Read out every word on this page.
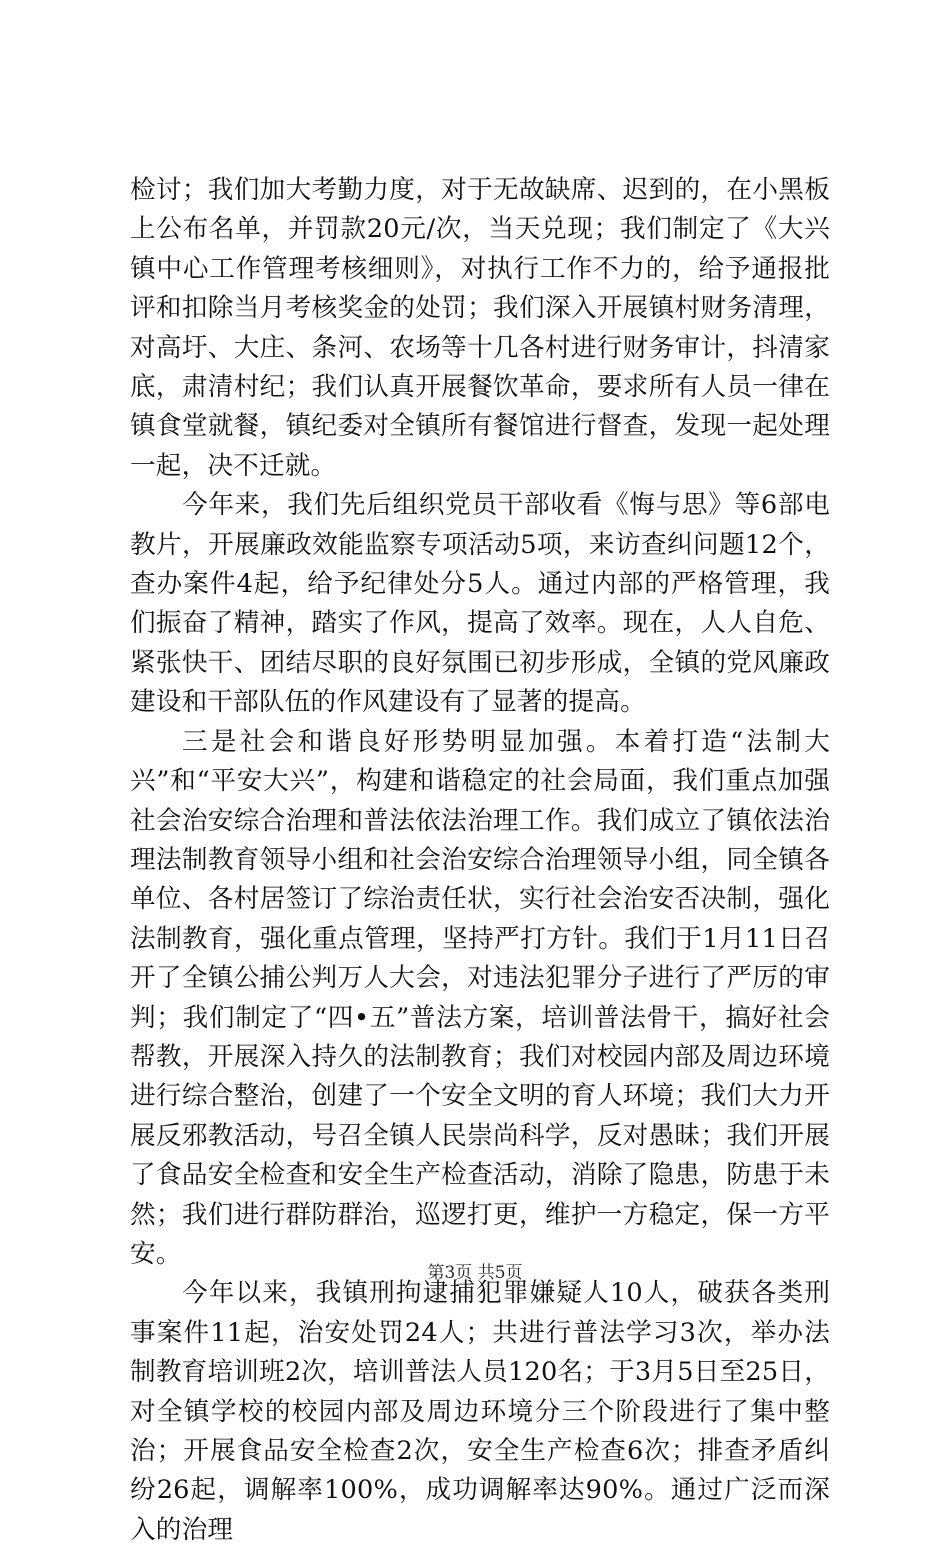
检讨；我们加大考勤力度，对于无故缺席、迟到的，在小黑板上公布名单，并罚款20元/次，当天兑现；我们制定了《大兴镇中心工作管理考核细则》，对执行工作不力的，给予通报批评和扣除当月考核奖金的处罚；我们深入开展镇村财务清理，对高圩、大庄、条河、农场等十几各村进行财务审计，抖清家底，肃清村纪；我们认真开展餐饮革命，要求所有人员一律在镇食堂就餐，镇纪委对全镇所有餐馆进行督查，发现一起处理一起，决不迁就。

今年来，我们先后组织党员干部收看《悔与思》等6部电教片，开展廉政效能监察专项活动5项，来访查纠问题12个，查办案件4起，给予纪律处分5人。通过内部的严格管理，我们振奋了精神，踏实了作风，提高了效率。现在，人人自危、紧张快干、团结尽职的良好氛围已初步形成，全镇的党风廉政建设和干部队伍的作风建设有了显著的提高。

三是社会和谐良好形势明显加强。本着打造“法制大兴”和“平安大兴”，构建和谐稳定的社会局面，我们重点加强社会治安综合治理和普法依法治理工作。我们成立了镇依法治理法制教育领导小组和社会治安综合治理领导小组，同全镇各单位、各村居签订了综治责任状，实行社会治安否决制，强化法制教育，强化重点管理，坚持严打方针。我们于1月11日召开了全镇公捕公判万人大会，对违法犯罪分子进行了严厉的审判；我们制定了“四•五”普法方案，培训普法骨干，搞好社会帮教，开展深入持久的法制教育；我们对校园内部及周边环境进行综合整治，创建了一个安全文明的育人环境；我们大力开展反邪教活动，号召全镇人民崇尚科学，反对愚昧；我们开展了食品安全检查和安全生产检查活动，消除了隐患，防患于未然；我们进行群防群治，巡逻打更，维护一方稳定，保一方平安。

今年以来，我镇刑拘逮捕犯罪嫌疑人10人，破获各类刑事案件11起，治安处罚24人；共进行普法学习3次，举办法制教育培训班2次，培训普法人员120名；于3月5日至25日，对全镇学校的校园内部及周边环境分三个阶段进行了集中整治；开展食品安全检查2次，安全生产检查6次；排查矛盾纠纷26起，调解率100%，成功调解率达90%。通过广泛而深入的治理

第3页 共5页
